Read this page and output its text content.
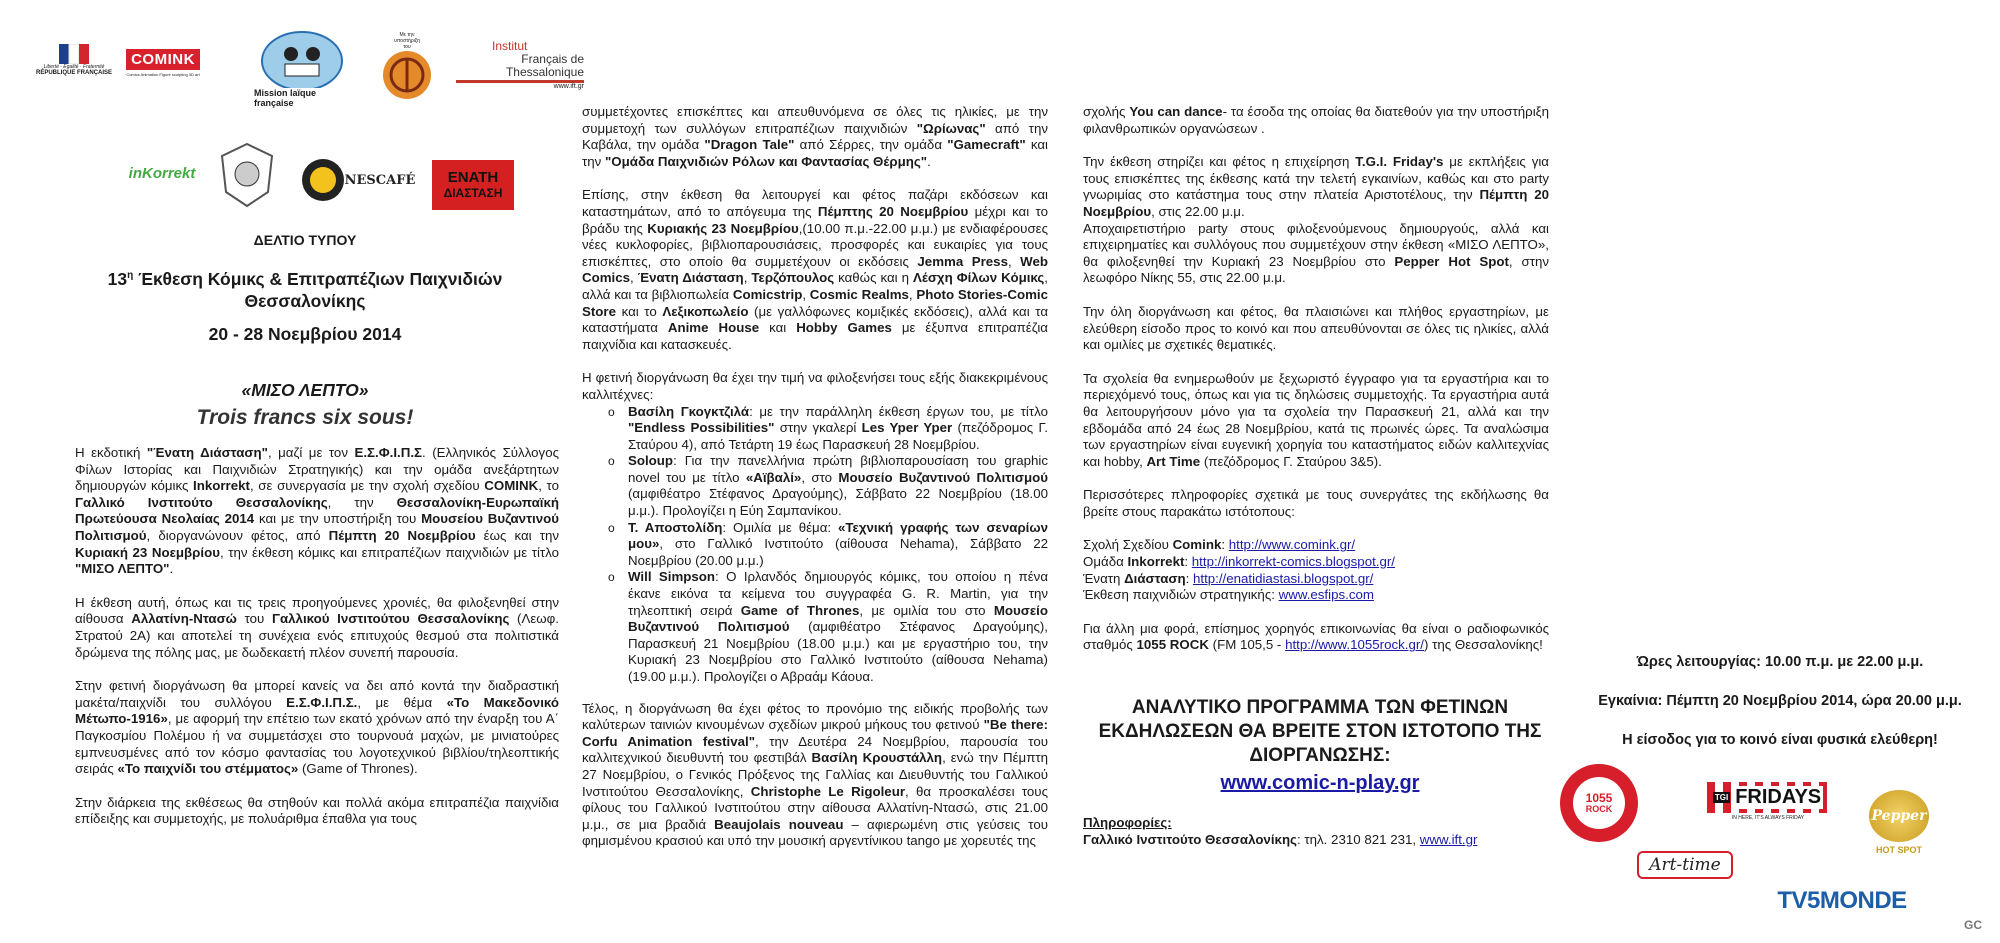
Liberté · Égalité · Fraternité
RÉPUBLIQUE FRANÇAISE
COMINK
Comics Animation Figure sculpting 3D art
Mission laïque française
Με την υποστήριξη του	Institut
Français de Thessalonique
www.ift.gr
inKorrekt	NESCAFÉ ΕΝΑΤΗ
ΔΙΑΣΤΑΣΗ
ΔΕΛΤΙΟ ΤΥΠΟΥ
$13^\eta$ Έκθεση Κόμικς & Επιτραπέζιων Παιχνιδιών Θεσσαλονίκης
20 - 28 Νοεμβρίου 2014
«ΜΙΣΟ ΛΕΠΤΟ»
Trois francs six sous!

Η εκδοτική "Ένατη Διάσταση", μαζί με τον Ε.Σ.Φ.Ι.Π.Σ. (Ελληνικός Σύλλογος Φίλων Ιστορίας και Παιχνιδιών Στρατηγικής) και την ομάδα ανεξάρτητων δημιουργών κόμικς Inkorrekt, σε συνεργασία με την σχολή σχεδίου COMINK, το Γαλλικό Ινστιτούτο Θεσσαλονίκης, την Θεσσαλονίκη-Ευρωπαϊκή Πρωτεύουσα Νεολαίας 2014 και με την υποστήριξη του Μουσείου Βυζαντινού Πολιτισμού, διοργανώνουν φέτος, από Πέμπτη 20 Νοεμβρίου έως και την Κυριακή 23 Νοεμβρίου, την έκθεση κόμικς και επιτραπέζιων παιχνιδιών με τίτλο "ΜΙΣΟ ΛΕΠΤΟ".

Η έκθεση αυτή, όπως και τις τρεις προηγούμενες χρονιές, θα φιλοξενηθεί στην αίθουσα Αλλατίνη-Ντασώ του Γαλλικού Ινστιτούτου Θεσσαλονίκης (Λεωφ. Στρατού 2Α) και αποτελεί τη συνέχεια ενός επιτυχούς θεσμού στα πολιτιστικά δρώμενα της πόλης μας, με δωδεκαετή πλέον συνεπή παρουσία.

Στην φετινή διοργάνωση θα μπορεί κανείς να δει από κοντά την διαδραστική μακέτα/παιχνίδι του συλλόγου Ε.Σ.Φ.Ι.Π.Σ., με θέμα «Το Μακεδονικό Μέτωπο-1916», με αφορμή την επέτειο των εκατό χρόνων από την έναρξη του Α΄ Παγκοσμίου Πολέμου ή να συμμετάσχει στο τουρνουά μαχών, με μινιατούρες εμπνευσμένες από τον κόσμο φαντασίας του λογοτεχνικού βιβλίου/τηλεοπτικής σειράς «Το παιχνίδι του στέμματος» (Game of Thrones).

Στην διάρκεια της εκθέσεως θα στηθούν και πολλά ακόμα επιτραπέζια παιχνίδια επίδειξης και συμμετοχής, με πολυάριθμα έπαθλα για τους

συμμετέχοντες επισκέπτες και απευθυνόμενα σε όλες τις ηλικίες, με την συμμετοχή των συλλόγων επιτραπέζιων παιχνιδιών "Ωρίωνας" από την Καβάλα, την ομάδα "Dragon Tale" από Σέρρες, την ομάδα "Gamecraft" και την "Ομάδα Παιχνιδιών Ρόλων και Φαντασίας Θέρμης".

Επίσης, στην έκθεση θα λειτουργεί και φέτος παζάρι εκδόσεων και καταστημάτων, από το απόγευμα της Πέμπτης 20 Νοεμβρίου μέχρι και το βράδυ της Κυριακής 23 Νοεμβρίου,(10.00 π.μ.-22.00 μ.μ.) με ενδιαφέρουσες νέες κυκλοφορίες, βιβλιοπαρουσιάσεις, προσφορές και ευκαιρίες για τους επισκέπτες, στο οποίο θα συμμετέχουν οι εκδόσεις Jemma Press, Web Comics, Ένατη Διάσταση, Τερζόπουλος καθώς και η Λέσχη Φίλων Κόμικς, αλλά και τα βιβλιοπωλεία Comicstrip, Cosmic Realms, Photo Stories-Comic Store και το Λεξικοπωλείο (με γαλλόφωνες κομιξικές εκδόσεις), αλλά και τα καταστήματα Anime House και Hobby Games με έξυπνα επιτραπέζια παιχνίδια και κατασκευές.

Η φετινή διοργάνωση θα έχει την τιμή να φιλοξενήσει τους εξής διακεκριμένους καλλιτέχνες:

o Βασίλη Γκογκτζιλά: με την παράλληλη έκθεση έργων του, με τίτλο "Endless Possibilities" στην γκαλερί Les Yper Yper (πεζόδρομος Γ. Σταύρου 4), από Τετάρτη 19 έως Παρασκευή 28 Νοεμβρίου.
o Soloup: Για την πανελλήνια πρώτη βιβλιοπαρουσίαση του graphic novel του με τίτλο «Αϊβαλί», στο Μουσείο Βυζαντινού Πολιτισμού (αμφιθέατρο Στέφανος Δραγούμης), Σάββατο 22 Νοεμβρίου (18.00 μ.μ.). Προλογίζει η Εύη Σαμπανίκου.
o Τ. Αποστολίδη: Ομιλία με θέμα: «Τεχνική γραφής των σεναρίων μου», στο Γαλλικό Ινστιτούτο (αίθουσα Nehama), Σάββατο 22 Νοεμβρίου (20.00 μ.μ.)
o Will Simpson: Ο Ιρλανδός δημιουργός κόμικς, του οποίου η πένα έκανε εικόνα τα κείμενα του συγγραφέα G. R. Martin, για την τηλεοπτική σειρά Game of Thrones, με ομιλία του στο Μουσείο Βυζαντινού Πολιτισμού (αμφιθέατρο Στέφανος Δραγούμης), Παρασκευή 21 Νοεμβρίου (18.00 μ.μ.) και με εργαστήριο του, την Κυριακή 23 Νοεμβρίου στο Γαλλικό Ινστιτούτο (αίθουσα Nehama) (19.00 μ.μ.). Προλογίζει ο Αβραάμ Κάουα.

Τέλος, η διοργάνωση θα έχει φέτος το προνόμιο της ειδικής προβολής των καλύτερων ταινιών κινουμένων σχεδίων μικρού μήκους του φετινού "Be there: Corfu Animation festival", την Δευτέρα 24 Νοεμβρίου, παρουσία του καλλιτεχνικού διευθυντή του φεστιβάλ Βασίλη Κρουστάλλη, ενώ την Πέμπτη 27 Νοεμβρίου, ο Γενικός Πρόξενος της Γαλλίας και Διευθυντής του Γαλλικού Ινστιτούτου Θεσσαλονίκης, Christophe Le Rigoleur, θα προσκαλέσει τους φίλους του Γαλλικού Ινστιτούτου στην αίθουσα Αλλατίνη-Ντασώ, στις 21.00 μ.μ., σε μια βραδιά Beaujolais nouveau – αφιερωμένη στις γεύσεις του φημισμένου κρασιού και υπό την μουσική αργεντίνικου tango με χορευτές της

σχολής You can dance- τα έσοδα της οποίας θα διατεθούν για την υποστήριξη φιλανθρωπικών οργανώσεων .

Την έκθεση στηρίζει και φέτος η επιχείρηση T.G.I. Friday's με εκπλήξεις για τους επισκέπτες της έκθεσης κατά την τελετή εγκαινίων, καθώς και στο party γνωριμίας στο κατάστημα τους στην πλατεία Αριστοτέλους, την Πέμπτη 20 Νοεμβρίου, στις 22.00 μ.μ.
Αποχαιρετιστήριο party στους φιλοξενούμενους δημιουργούς, αλλά και επιχειρηματίες και συλλόγους που συμμετέχουν στην έκθεση «ΜΙΣΟ ΛΕΠΤΟ», θα φιλοξενηθεί την Κυριακή 23 Νοεμβρίου στο Pepper Hot Spot, στην λεωφόρο Νίκης 55, στις 22.00 μ.μ.

Την όλη διοργάνωση και φέτος, θα πλαισιώνει και πλήθος εργαστηρίων, με ελεύθερη είσοδο προς το κοινό και που απευθύνονται σε όλες τις ηλικίες, αλλά και ομιλίες με σχετικές θεματικές.

Τα σχολεία θα ενημερωθούν με ξεχωριστό έγγραφο για τα εργαστήρια και το περιεχόμενό τους, όπως και για τις δηλώσεις συμμετοχής. Τα εργαστήρια αυτά θα λειτουργήσουν μόνο για τα σχολεία την Παρασκευή 21, αλλά και την εβδομάδα από 24 έως 28 Νοεμβρίου, κατά τις πρωινές ώρες. Τα αναλώσιμα των εργαστηρίων είναι ευγενική χορηγία του καταστήματος ειδών καλλιτεχνίας και hobby, Art Time (πεζόδρομος Γ. Σταύρου 3&5).

Περισσότερες πληροφορίες σχετικά με τους συνεργάτες της εκδήλωσης θα βρείτε στους παρακάτω ιστότοπους:

Σχολή Σχεδίου Comink: http://www.comink.gr/
Ομάδα Inkorrekt: http://inkorrekt-comics.blogspot.gr/
Ένατη Διάσταση: http://enatidiastasi.blogspot.gr/
Έκθεση παιχνιδιών στρατηγικής: www.esfips.com

Για άλλη μια φορά, επίσημος χορηγός επικοινωνίας θα είναι ο ραδιοφωνικός σταθμός 1055 ROCK (FM 105,5 - http://www.1055rock.gr/) της Θεσσαλονίκης!

ΑΝΑΛΥΤΙΚΟ ΠΡΟΓΡΑΜΜΑ ΤΩΝ ΦΕΤΙΝΩΝ ΕΚΔΗΛΩΣΕΩΝ ΘΑ ΒΡΕΙΤΕ ΣΤΟΝ ΙΣΤΟΤΟΠΟ ΤΗΣ ΔΙΟΡΓΑΝΩΣΗΣ:
www.comic-n-play.gr
Πληροφορίες:
Γαλλικό Ινστιτούτο Θεσσαλονίκης: τηλ. 2310 821 231, www.ift.gr
Ώρες λειτουργίας: 10.00 π.μ. με 22.00 μ.μ.
Εγκαίνια: Πέμπτη 20 Νοεμβρίου 2014, ώρα 20.00 μ.μ.
Η είσοδος για το κοινό είναι φυσικά ελεύθερη!
1055
ROCK
TGI FRIDAYS
IN HERE, IT'S ALWAYS FRIDAY	Pepper
HOT SPOT
Art-time
TV5MONDE
GC
